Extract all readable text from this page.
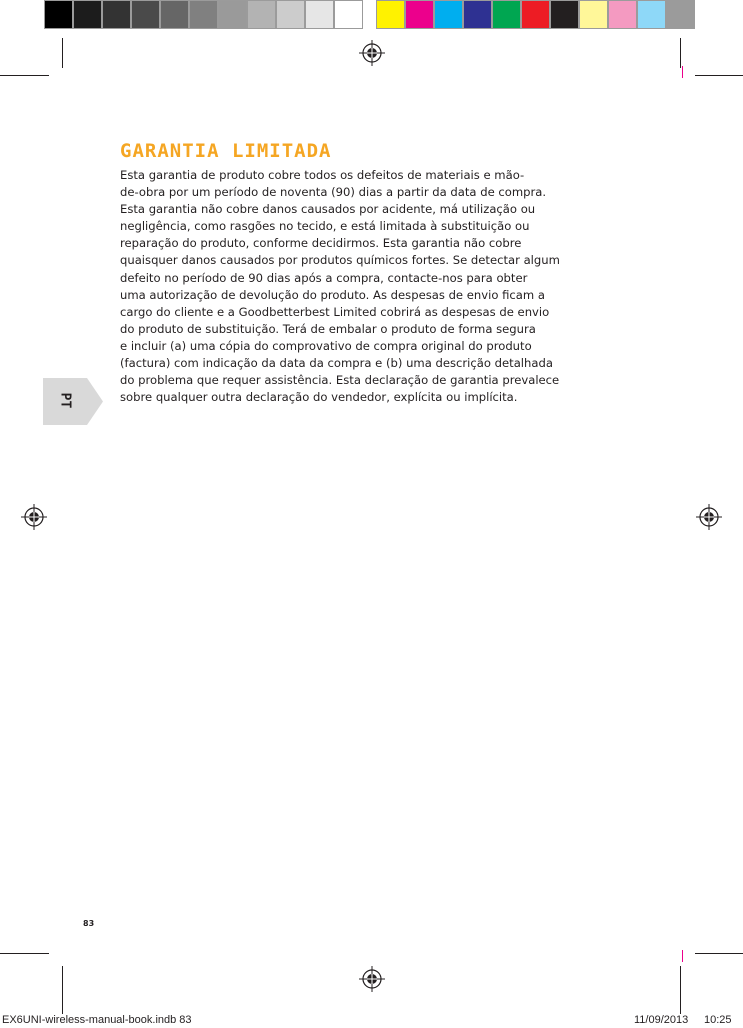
GARANTIA LIMITADA
Esta garantia de produto cobre todos os defeitos de materiais e mão-
de-obra por um período de noventa (90) dias a partir da data de compra.
Esta garantia não cobre danos causados por acidente, má utilização ou
negligência, como rasgões no tecido, e está limitada à substituição ou
reparação do produto, conforme decidirmos. Esta garantia não cobre
quaisquer danos causados por produtos químicos fortes. Se detectar algum
defeito no período de 90 dias após a compra, contacte-nos para obter
uma autorização de devolução do produto. As despesas de envio ficam a
cargo do cliente e a Goodbetterbest Limited cobrirá as despesas de envio
do produto de substituição. Terá de embalar o produto de forma segura
e incluir (a) uma cópia do comprovativo de compra original do produto
(factura) com indicação da data da compra e (b) uma descrição detalhada
do problema que requer assistência. Esta declaração de garantia prevalece
sobre qualquer outra declaração do vendedor, explícita ou implícita.
PT
83
EX6UNI-wireless-manual-book.indb 83	11/09/2013 10:25
